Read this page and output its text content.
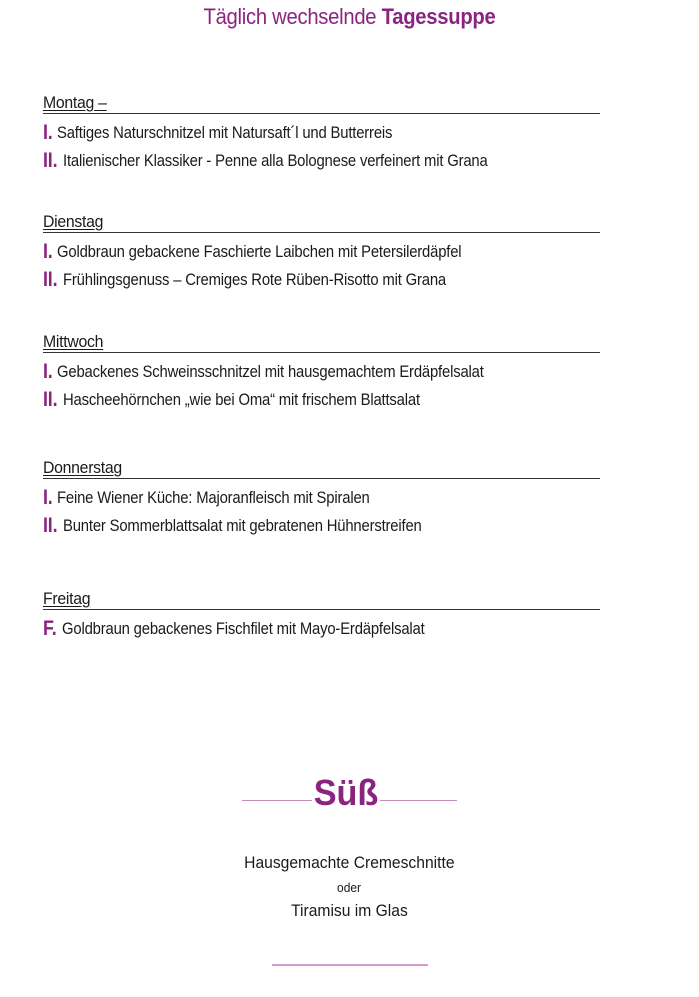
Täglich wechselnde Tagessuppe
Montag –
I. Saftiges Naturschnitzel mit Natursaft´l und Butterreis
II. Italienischer Klassiker - Penne alla Bolognese verfeinert mit Grana
Dienstag
I. Goldbraun gebackene Faschierte Laibchen mit Petersilerdäpfel
II. Frühlingsgenuss – Cremiges Rote Rüben-Risotto mit Grana
Mittwoch
I. Gebackenes Schweinsschnitzel mit hausgemachtem Erdäpfelsalat
II. Hascheehörnchen „wie bei Oma“ mit frischem Blattsalat
Donnerstag
I. Feine Wiener Küche: Majoranfleisch mit Spiralen
II. Bunter Sommerblattsalat mit gebratenen Hühnerstreifen
Freitag
F. Goldbraun gebackenes Fischfilet mit Mayo-Erdäpfelsalat
Süß
Hausgemachte Cremeschnitte
oder
Tiramisu im Glas
